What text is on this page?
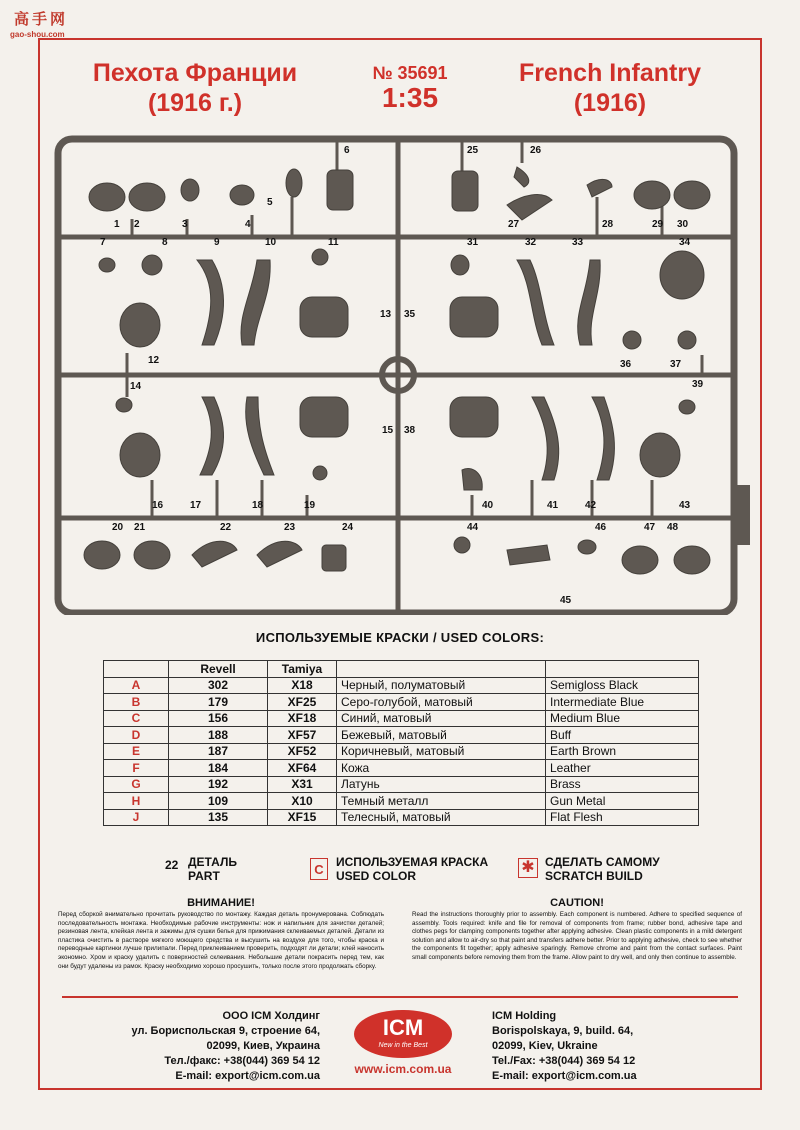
高手网
gao-shou.com
Пехота Франции
(1916 г.)
№ 35691
1:35
French Infantry
(1916)
1 2	3	4
5
6
7	8	9	10	11
12
13
14
15
16	17	18	19
20 21	22	23	24
25	26
27	28	29 30
31	32	33	34
35
36	37
38
39
40	41	42	43
44
45
46	47 48
ИСПОЛЬЗУЕМЫЕ КРАСКИ / USED COLORS:
	Revell	Tamiya		
A	302	X18	Черный, полуматовый	Semigloss Black
B	179	XF25	Серо-голубой, матовый	Intermediate Blue
C	156	XF18	Синий, матовый	Medium Blue
D	188	XF57	Бежевый, матовый	Buff
E	187	XF52	Коричневый, матовый	Earth Brown
F	184	XF64	Кожа	Leather
G	192	X31	Латунь	Brass
H	109	X10	Темный металл	Gun Metal
J	135	XF15	Телесный, матовый	Flat Flesh
22 ДЕТАЛЬ
PART	C	ИСПОЛЬЗУЕМАЯ КРАСКА
USED COLOR	✱ СДЕЛАТЬ САМОМУ
SCRATCH BUILD
ВНИМАНИЕ!
Перед сборкой внимательно прочитать руководство по монтажу. Каждая деталь пронумерована. Соблюдать последовательность монтажа. Необходимые рабочие инструменты: нож и напильник для зачистки деталей; резиновая лента, клейкая лента и зажимы для сушки белья для прижимания склеиваемых деталей. Детали из пластика очистить в растворе мягкого моющего средства и высушить на воздухе для того, чтобы краска и переводные картинки лучше прилипали. Перед приклеиванием проверить, подходят ли детали; клей наносить экономно. Хром и краску удалить с поверхностей склеивания. Небольшие детали покрасить перед тем, как они будут удалены из рамок. Краску необходимо хорошо просушить, только после этого продолжать сборку.
CAUTION!
Read the instructions thoroughly prior to assembly. Each component is numbered. Adhere to specified sequence of assembly. Tools required: knife and file for removal of components from frame; rubber bond, adhesive tape and clothes pegs for clamping components together after applying adhesive. Clean plastic components in a mild detergent solution and allow to air-dry so that paint and transfers adhere better. Prior to applying adhesive, check to see whether the components fit together; apply adhesive sparingly. Remove chrome and paint from the contact surfaces. Paint small components before removing them from the frame. Allow paint to dry well, and only then continue to assemble.
ООО ICM Холдинг
ул. Бориспольская 9, строение 64,
02099, Киев, Украина
Тел./факс: +38(044) 369 54 12
E-mail: export@icm.com.ua
ICM
New in the Best
www.icm.com.ua
ICM Holding
Borispolskaya, 9, build. 64,
02099, Kiev, Ukraine
Tel./Fax: +38(044) 369 54 12
E-mail: export@icm.com.ua
